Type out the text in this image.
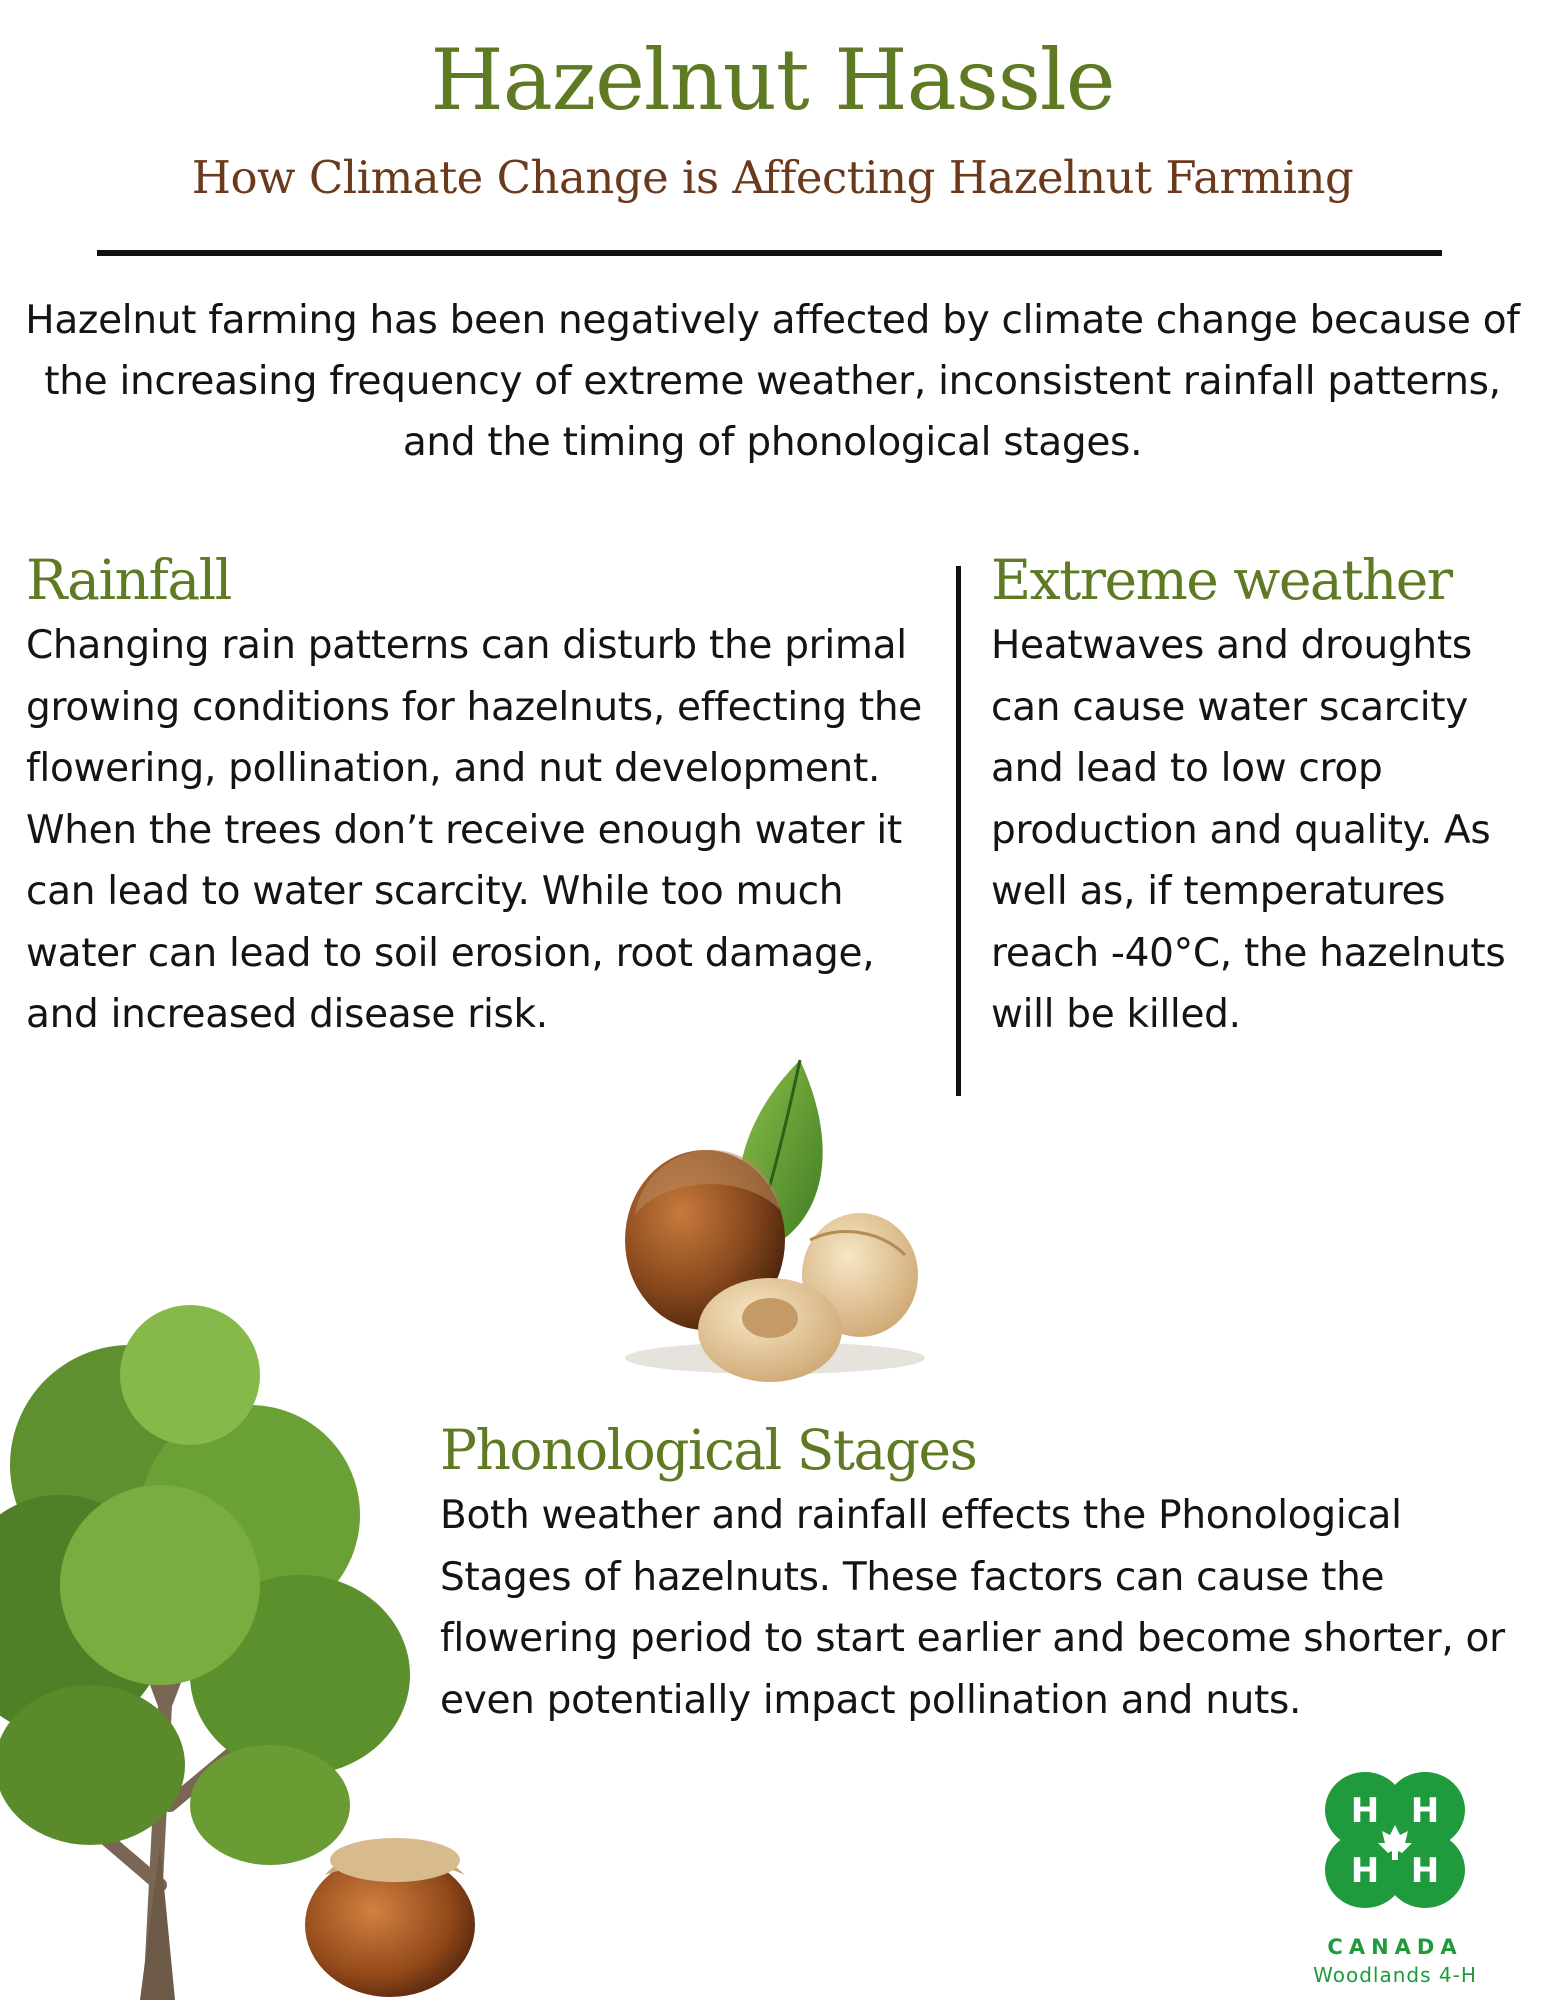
Hazelnut Hassle
How Climate Change is Affecting Hazelnut Farming
Hazelnut farming has been negatively affected by climate change because of the increasing frequency of extreme weather, inconsistent rainfall patterns, and the timing of phonological stages.
Rainfall
Changing rain patterns can disturb the primal growing conditions for hazelnuts, effecting the flowering, pollination, and nut development. When the trees don’t receive enough water it can lead to water scarcity. While too much water can lead to soil erosion, root damage, and increased disease risk.
Extreme weather
Heatwaves and droughts can cause water scarcity and lead to low crop production and quality. As well as, if temperatures reach -40°C, the hazelnuts will be killed.
H H
H H
CANADA
Woodlands 4-H
Phonological Stages
Both weather and rainfall effects the Phonological Stages of hazelnuts. These factors can cause the flowering period to start earlier and become shorter, or even potentially impact pollination and nuts.
